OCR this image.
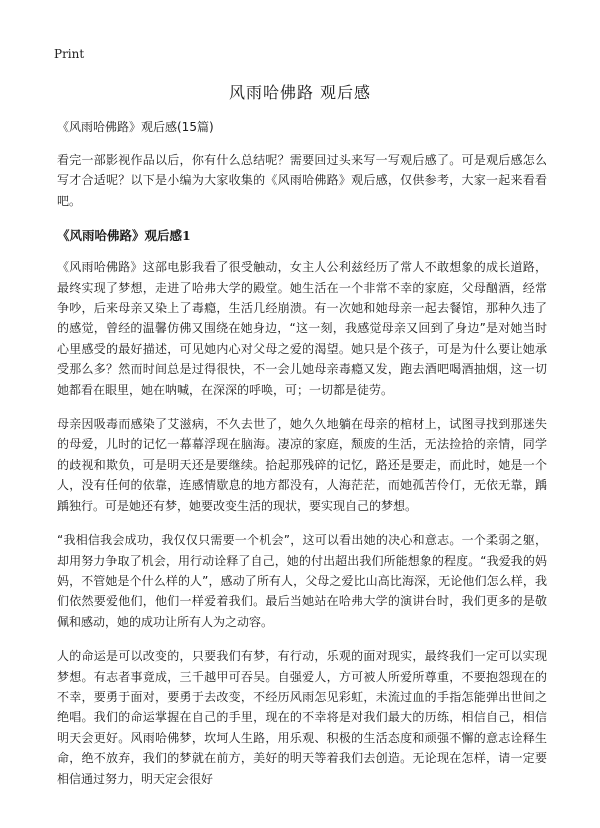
Print
风雨哈佛路 观后感

《风雨哈佛路》观后感(15篇)

看完一部影视作品以后，你有什么总结呢？需要回过头来写一写观后感了。可是观后感怎么写才合适呢？以下是小编为大家收集的《风雨哈佛路》观后感，仅供参考，大家一起来看看吧。

《风雨哈佛路》观后感1

《风雨哈佛路》这部电影我看了很受触动，女主人公利兹经历了常人不敢想象的成长道路，最终实现了梦想，走进了哈弗大学的殿堂。她生活在一个非常不幸的家庭，父母酗酒，经常争吵，后来母亲又染上了毒瘾，生活几经崩溃。有一次她和她母亲一起去餐馆，那种久违了的感觉，曾经的温馨仿佛又围绕在她身边，“这一刻，我感觉母亲又回到了身边”是对她当时心里感受的最好描述，可见她内心对父母之爱的渴望。她只是个孩子，可是为什么要让她承受那么多？然而时间总是过得很快，不一会儿她母亲毒瘾又发，跑去酒吧喝酒抽烟，这一切她都看在眼里，她在呐喊，在深深的呼唤，可；一切都是徒劳。

母亲因吸毒而感染了艾滋病，不久去世了，她久久地躺在母亲的棺材上，试图寻找到那迷失的母爱，儿时的记忆一幕幕浮现在脑海。凄凉的家庭，颓废的生活，无法捡拾的亲情，同学的歧视和欺负，可是明天还是要继续。拾起那残碎的记忆，路还是要走，而此时，她是一个人，没有任何的依靠，连感情歇息的地方都没有，人海茫茫，而她孤苦伶仃，无依无靠，踽踽独行。可是她还有梦，她要改变生活的现状，要实现自己的梦想。

“我相信我会成功，我仅仅只需要一个机会”，这可以看出她的决心和意志。一个柔弱之躯，却用努力争取了机会，用行动诠释了自己，她的付出超出我们所能想象的程度。“我爱我的妈妈，不管她是个什么样的人”，感动了所有人，父母之爱比山高比海深，无论他们怎么样，我们依然要爱他们，他们一样爱着我们。最后当她站在哈弗大学的演讲台时，我们更多的是敬佩和感动，她的成功让所有人为之动容。

人的命运是可以改变的，只要我们有梦，有行动，乐观的面对现实，最终我们一定可以实现梦想。有志者事竟成，三千越甲可吞吴。自强爱人，方可被人所爱所尊重，不要抱怨现在的不幸，要勇于面对，要勇于去改变，不经历风雨怎见彩虹，未流过血的手指怎能弹出世间之绝唱。我们的命运掌握在自己的手里，现在的不幸将是对我们最大的历练，相信自己，相信明天会更好。风雨哈佛梦，坎坷人生路，用乐观、积极的生活态度和顽强不懈的意志诠释生命，绝不放弃，我们的梦就在前方，美好的明天等着我们去创造。无论现在怎样，请一定要相信通过努力，明天定会很好
